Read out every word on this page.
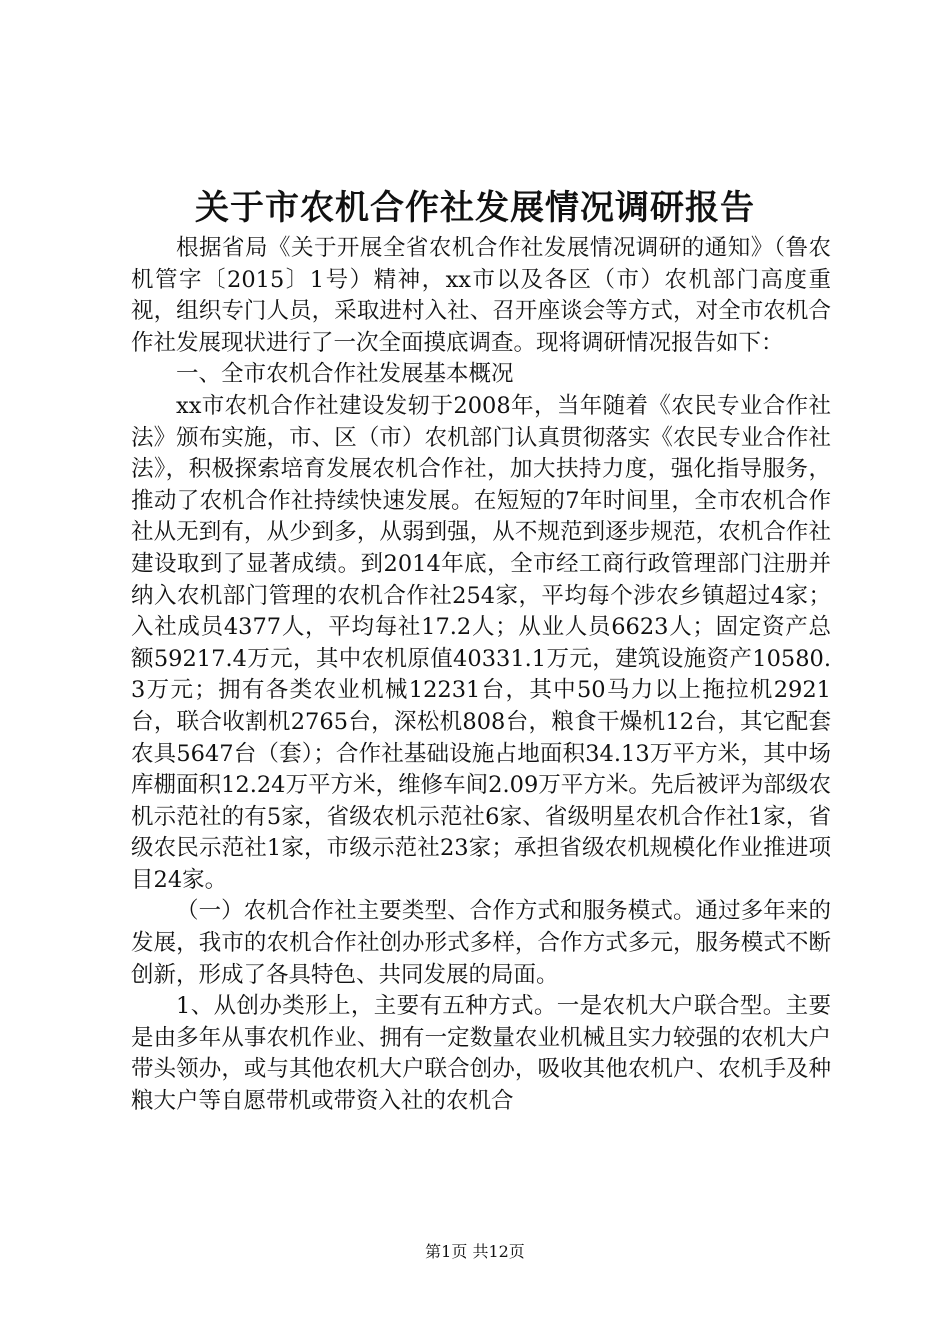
关于市农机合作社发展情况调研报告

根据省局《关于开展全省农机合作社发展情况调研的通知》（鲁农机管字〔2015〕1号）精神，xx市以及各区（市）农机部门高度重视，组织专门人员，采取进村入社、召开座谈会等方式，对全市农机合作社发展现状进行了一次全面摸底调查。现将调研情况报告如下：

一、全市农机合作社发展基本概况

xx市农机合作社建设发轫于2008年，当年随着《农民专业合作社法》颁布实施，市、区（市）农机部门认真贯彻落实《农民专业合作社法》，积极探索培育发展农机合作社，加大扶持力度，强化指导服务，推动了农机合作社持续快速发展。在短短的7年时间里，全市农机合作社从无到有，从少到多，从弱到强，从不规范到逐步规范，农机合作社建设取到了显著成绩。到2014年底，全市经工商行政管理部门注册并纳入农机部门管理的农机合作社254家，平均每个涉农乡镇超过4家；入社成员4377人，平均每社17.2人；从业人员6623人；固定资产总额59217.4万元，其中农机原值40331.1万元，建筑设施资产10580.3万元；拥有各类农业机械12231台，其中50马力以上拖拉机2921台，联合收割机2765台，深松机808台，粮食干燥机12台，其它配套农具5647台（套）；合作社基础设施占地面积34.13万平方米，其中场库棚面积12.24万平方米，维修车间2.09万平方米。先后被评为部级农机示范社的有5家，省级农机示范社6家、省级明星农机合作社1家，省级农民示范社1家，市级示范社23家；承担省级农机规模化作业推进项目24家。

（一）农机合作社主要类型、合作方式和服务模式。通过多年来的发展，我市的农机合作社创办形式多样，合作方式多元，服务模式不断创新，形成了各具特色、共同发展的局面。

1、从创办类形上，主要有五种方式。一是农机大户联合型。主要是由多年从事农机作业、拥有一定数量农业机械且实力较强的农机大户带头领办，或与其他农机大户联合创办，吸收其他农机户、农机手及种粮大户等自愿带机或带资入社的农机合

第1页 共12页
